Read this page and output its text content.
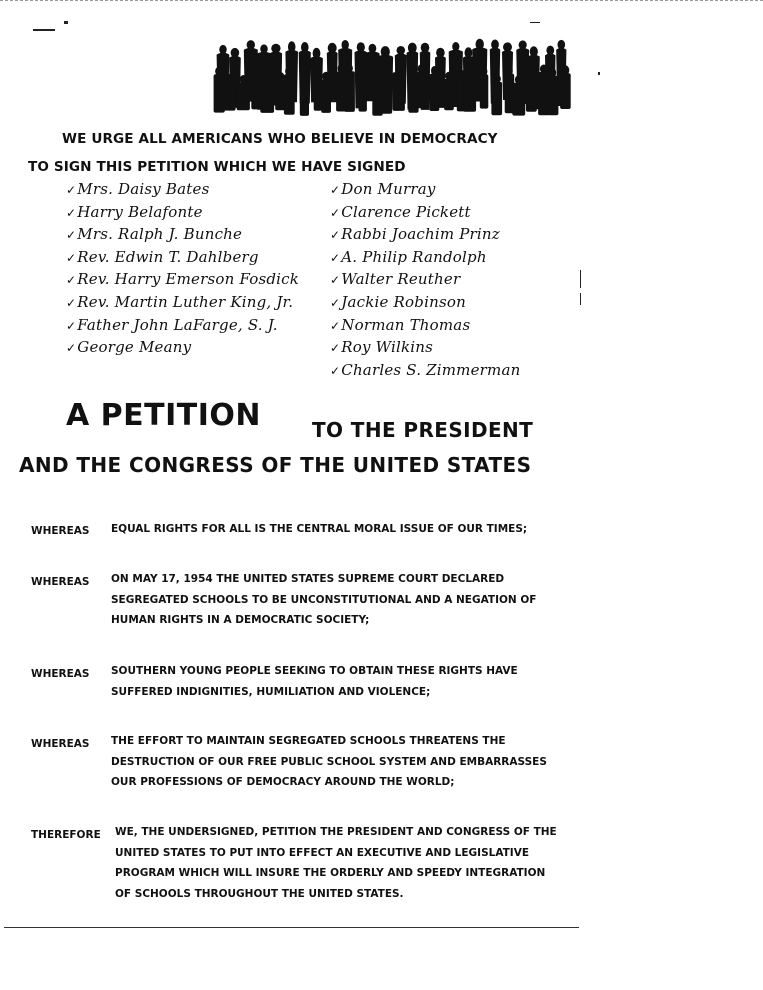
WE URGE ALL AMERICANS WHO BELIEVE IN DEMOCRACY
TO SIGN THIS PETITION WHICH WE HAVE SIGNED
✓Mrs. Daisy Bates
✓Harry Belafonte
✓Mrs. Ralph J. Bunche
✓Rev. Edwin T. Dahlberg
✓Rev. Harry Emerson Fosdick
✓Rev. Martin Luther King, Jr.
✓Father John LaFarge, S. J.
✓George Meany
✓Don Murray
✓Clarence Pickett
✓Rabbi Joachim Prinz
✓A. Philip Randolph
✓Walter Reuther
✓Jackie Robinson
✓Norman Thomas
✓Roy Wilkins
✓Charles S. Zimmerman
A PETITION	TO THE PRESIDENT
AND THE CONGRESS OF THE UNITED STATES
WHEREAS EQUAL RIGHTS FOR ALL IS THE CENTRAL MORAL ISSUE OF OUR TIMES;
WHEREAS ON MAY 17, 1954 THE UNITED STATES SUPREME COURT DECLARED
SEGREGATED SCHOOLS TO BE UNCONSTITUTIONAL AND A NEGATION OF
HUMAN RIGHTS IN A DEMOCRATIC SOCIETY;
WHEREAS SOUTHERN YOUNG PEOPLE SEEKING TO OBTAIN THESE RIGHTS HAVE
SUFFERED INDIGNITIES, HUMILIATION AND VIOLENCE;
WHEREAS THE EFFORT TO MAINTAIN SEGREGATED SCHOOLS THREATENS THE
DESTRUCTION OF OUR FREE PUBLIC SCHOOL SYSTEM AND EMBARRASSES
OUR PROFESSIONS OF DEMOCRACY AROUND THE WORLD;
THEREFORE WE, THE UNDERSIGNED, PETITION THE PRESIDENT AND CONGRESS OF THE
UNITED STATES TO PUT INTO EFFECT AN EXECUTIVE AND LEGISLATIVE
PROGRAM WHICH WILL INSURE THE ORDERLY AND SPEEDY INTEGRATION
OF SCHOOLS THROUGHOUT THE UNITED STATES.
